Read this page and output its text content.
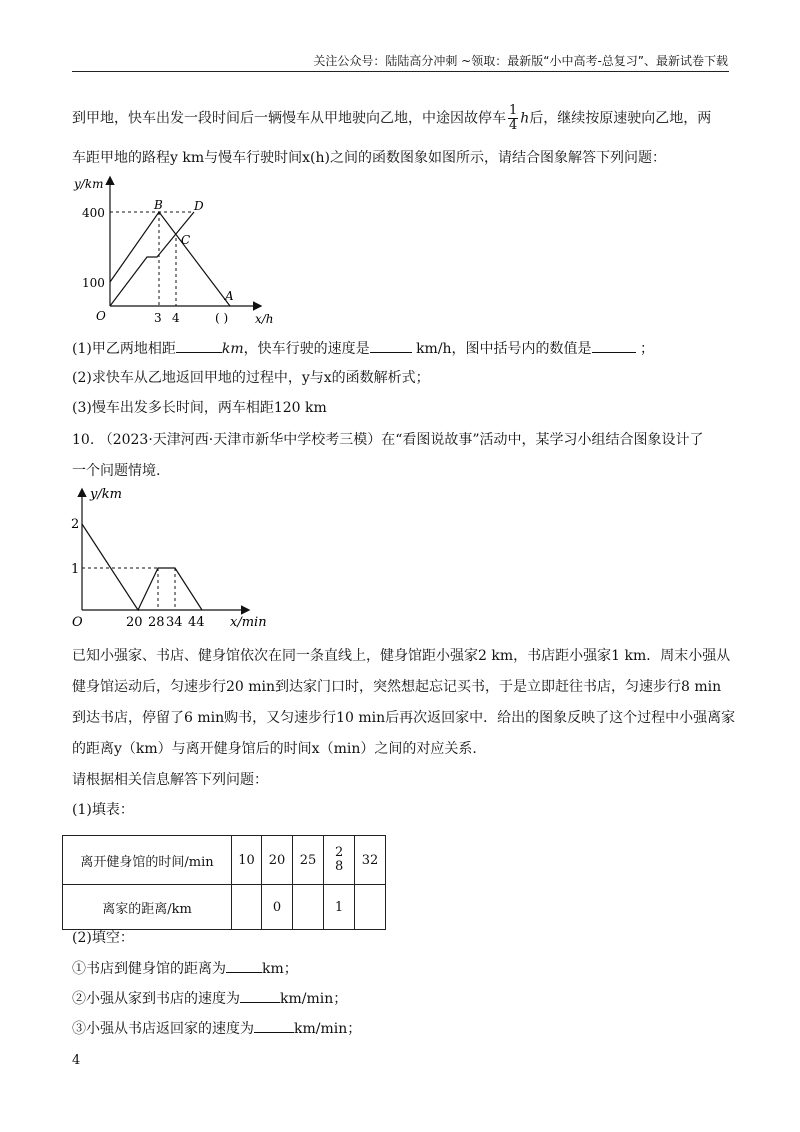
关注公众号：陆陆高分冲刺 ~领取：最新版“小中高考-总复习”、最新试卷下载
到甲地，快车出发一段时间后一辆慢车从甲地驶向乙地，中途因故停车 $\frac{1}{4}$ h后，继续按原速驶向乙地，两
车距甲地的路程y km与慢车行驶时间x(h)之间的函数图象如图所示，请结合图象解答下列问题：
y/km
x/h
O
400
100
3 4	( )
B	D
C
A
(1)甲乙两地相距	km，快车行驶的速度是	km/h，图中括号内的数值是	；
(2)求快车从乙地返回甲地的过程中，y与x的函数解析式；
(3)慢车出发多长时间，两车相距120 km
10. （2023·天津河西·天津市新华中学校考三模）在“看图说故事”活动中，某学习小组结合图象设计了
一个问题情境.
y/km
x/min
O
2
1
20 28 34 44
已知小强家、书店、健身馆依次在同一条直线上，健身馆距小强家2 km，书店距小强家1 km．周末小强从
健身馆运动后，匀速步行20 min到达家门口时，突然想起忘记买书，于是立即赶往书店，匀速步行8 min
到达书店，停留了6 min购书，又匀速步行10 min后再次返回家中．给出的图象反映了这个过程中小强离家
的距离y（km）与离开健身馆后的时间x（min）之间的对应关系.
请根据相关信息解答下列问题：
(1)填表：
离开健身馆的时间/min	10	20	25	28	32
离家的距离/km		0		1	
(2)填空：
①书店到健身馆的距离为	km；
②小强从家到书店的速度为	km/min；
③小强从书店返回家的速度为	km/min；
4
